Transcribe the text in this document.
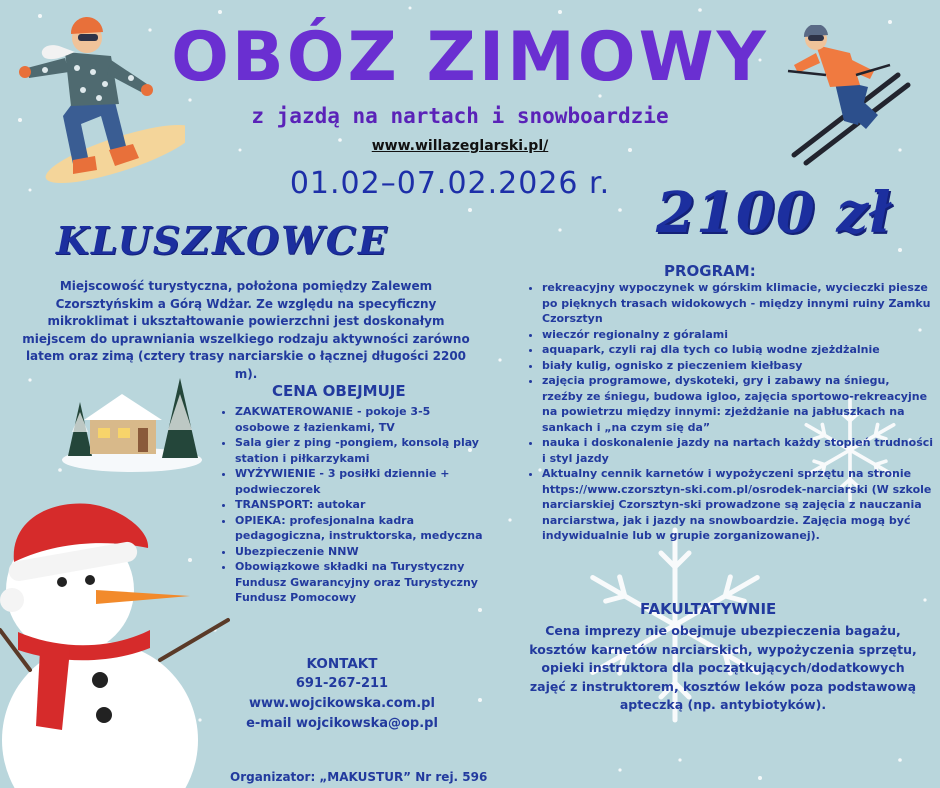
OBÓZ ZIMOWY
z jazdą na nartach i snowboardzie
www.willazeglarski.pl/
01.02–07.02.2026 r. 2100 zł
KLUSZKOWCE
Miejscowość turystyczna, położona pomiędzy Zalewem Czorsztyńskim a Górą Wdżar. Ze względu na specyficzny mikroklimat i ukształtowanie powierzchni jest doskonałym miejscem do uprawniania wszelkiego rodzaju aktywności zarówno latem oraz zimą (cztery trasy narciarskie o łącznej długości 2200 m).
CENA OBEJMUJE
• ZAKWATEROWANIE - pokoje 3-5 osobowe z łazienkami, TV
• Sala gier z ping -pongiem, konsolą play station i piłkarzykami
• WYŻYWIENIE - 3 posiłki dziennie + podwieczorek
• TRANSPORT: autokar
• OPIEKA: profesjonalna kadra pedagogiczna, instruktorska, medyczna
• Ubezpieczenie NNW
• Obowiązkowe składki na Turystyczny Fundusz Gwarancyjny oraz Turystyczny Fundusz Pomocowy
PROGRAM:
• rekreacyjny wypoczynek w górskim klimacie, wycieczki piesze po pięknych trasach widokowych - między innymi ruiny Zamku Czorsztyn
• wieczór regionalny z góralami
• aquapark, czyli raj dla tych co lubią wodne zjeżdżalnie
• biały kulig, ognisko z pieczeniem kiełbasy
• zajęcia programowe, dyskoteki, gry i zabawy na śniegu, rzeźby ze śniegu, budowa igloo, zajęcia sportowo-rekreacyjne na powietrzu między innymi: zjeżdżanie na jabłuszkach na sankach i „na czym się da”
• nauka i doskonalenie jazdy na nartach każdy stopień trudności i styl jazdy
• Aktualny cennik karnetów i wypożyczeni sprzętu na stronie https://www.czorsztyn-ski.com.pl/osrodek-narciarski (W szkole narciarskiej Czorsztyn-ski prowadzone są zajęcia z nauczania narciarstwa, jak i jazdy na snowboardzie. Zajęcia mogą być indywidualnie lub w grupie zorganizowanej).
FAKULTATYWNIE
Cena imprezy nie obejmuje ubezpieczenia bagażu, kosztów karnetów narciarskich, wypożyczenia sprzętu, opieki instruktora dla początkujących/dodatkowych zajęć z instruktorem, kosztów leków poza podstawową apteczką (np. antybiotyków).
KONTAKT
691-267-211
www.wojcikowska.com.pl
e-mail wojcikowska@op.pl
Organizator: „MAKUSTUR” Nr rej. 596
